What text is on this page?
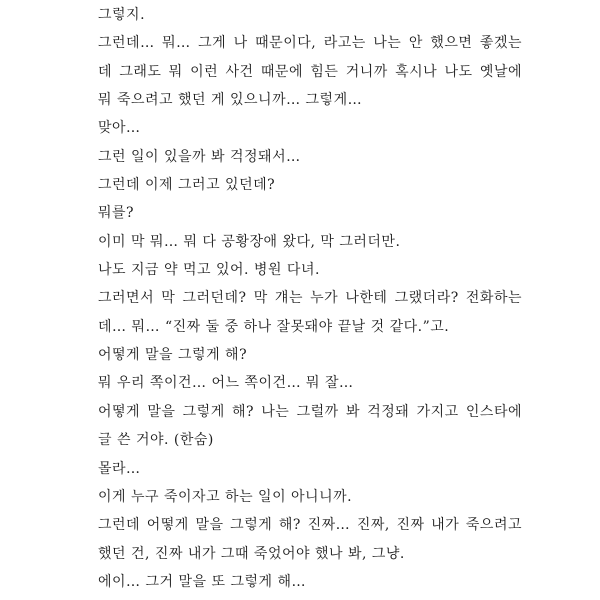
그렇지.
그런데… 뭐… 그게 나 때문이다, 라고는 나는 안 했으면 좋겠는
데 그래도 뭐 이런 사건 때문에 힘든 거니까 혹시나 나도 옛날에
뭐 죽으려고 했던 게 있으니까… 그렇게…
맞아…
그런 일이 있을까 봐 걱정돼서…
그런데 이제 그러고 있던데?
뭐를?
이미 막 뭐… 뭐 다 공황장애 왔다, 막 그러더만.
나도 지금 약 먹고 있어. 병원 다녀.
그러면서 막 그러던데? 막 걔는 누가 나한테 그랬더라? 전화하는
데… 뭐… “진짜 둘 중 하나 잘못돼야 끝날 것 같다.”고.
어떻게 말을 그렇게 해?
뭐 우리 쪽이건… 어느 쪽이건… 뭐 잘…
어떻게 말을 그렇게 해? 나는 그럴까 봐 걱정돼 가지고 인스타에
글 쓴 거야. (한숨)
몰라…
이게 누구 죽이자고 하는 일이 아니니까.
그런데 어떻게 말을 그렇게 해? 진짜… 진짜, 진짜 내가 죽으려고
했던 건, 진짜 내가 그때 죽었어야 했나 봐, 그냥.
에이… 그거 말을 또 그렇게 해…
